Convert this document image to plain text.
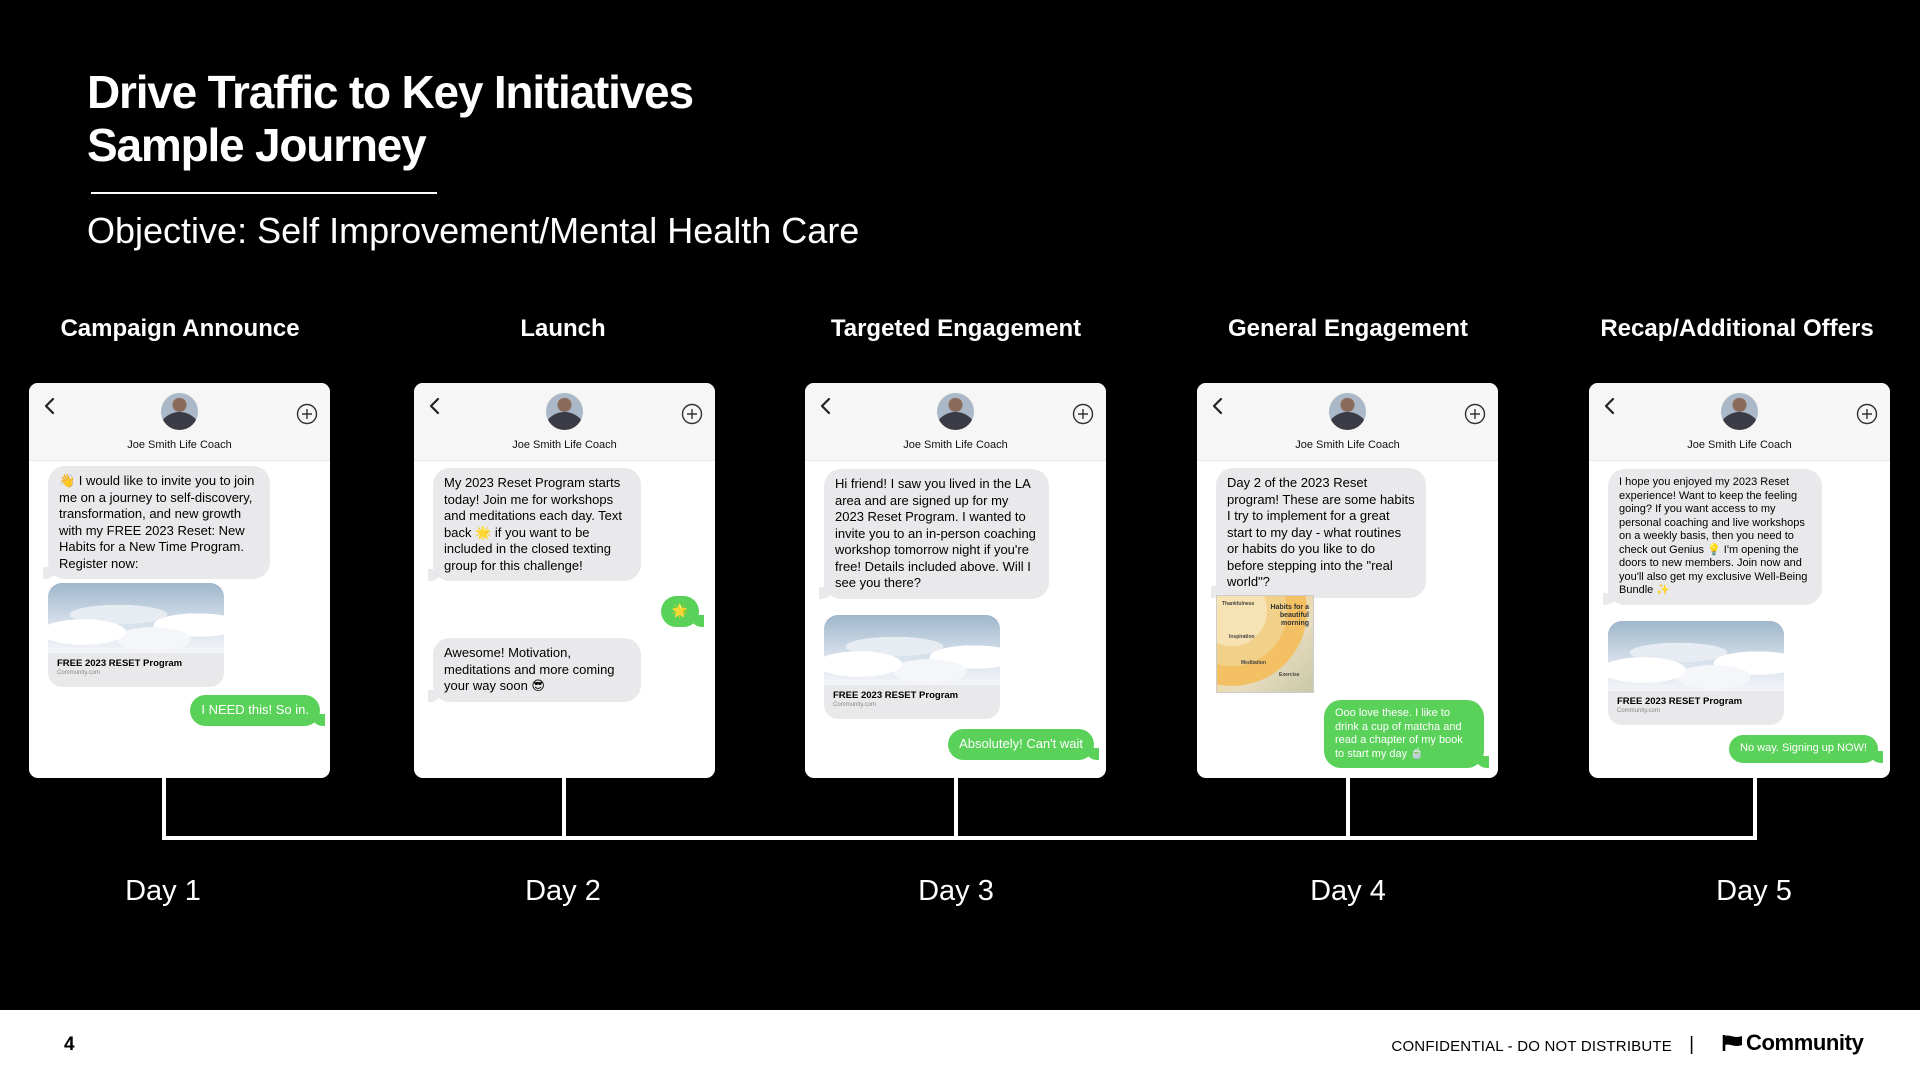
Drive Traffic to Key Initiatives
Sample Journey
Objective: Self Improvement/Mental Health Care
Campaign Announce	Launch	Targeted Engagement	General Engagement	Recap/Additional Offers
Joe Smith Life Coach
👋 I would like to invite you to join me on a journey to self-discovery, transformation, and new growth with my FREE 2023 Reset: New Habits for a New Time Program. Register now:
FREE 2023 RESET Program
Community.com
I NEED this! So in.
Joe Smith Life Coach
My 2023 Reset Program starts today! Join me for workshops and meditations each day. Text back 🌟 if you want to be included in the closed texting group for this challenge!
🌟
Awesome! Motivation, meditations and more coming your way soon 😎
Joe Smith Life Coach
Hi friend! I saw you lived in the LA area and are signed up for my 2023 Reset Program. I wanted to invite you to an in-person coaching workshop tomorrow night if you're free! Details included above. Will I see you there?
FREE 2023 RESET Program
Community.com
Absolutely! Can't wait
Joe Smith Life Coach
Day 2 of the 2023 Reset program! These are some habits I try to implement for a great start to my day - what routines or habits do you like to do before stepping into the "real world"?
Habits for a beautiful morning
Thankfulness
Inspiration
Meditation
Exercise
Ooo love these. I like to drink a cup of matcha and read a chapter of my book to start my day 🍵
Joe Smith Life Coach
I hope you enjoyed my 2023 Reset experience! Want to keep the feeling going? If you want access to my personal coaching and live workshops on a weekly basis, then you need to check out Genius 💡 I'm opening the doors to new members. Join now and you'll also get my exclusive Well-Being Bundle ✨
FREE 2023 RESET Program
Community.com
No way. Signing up NOW!
Day 1	Day 2	Day 3	Day 4	Day 5
4	CONFIDENTIAL - DO NOT DISTRIBUTE | Community
